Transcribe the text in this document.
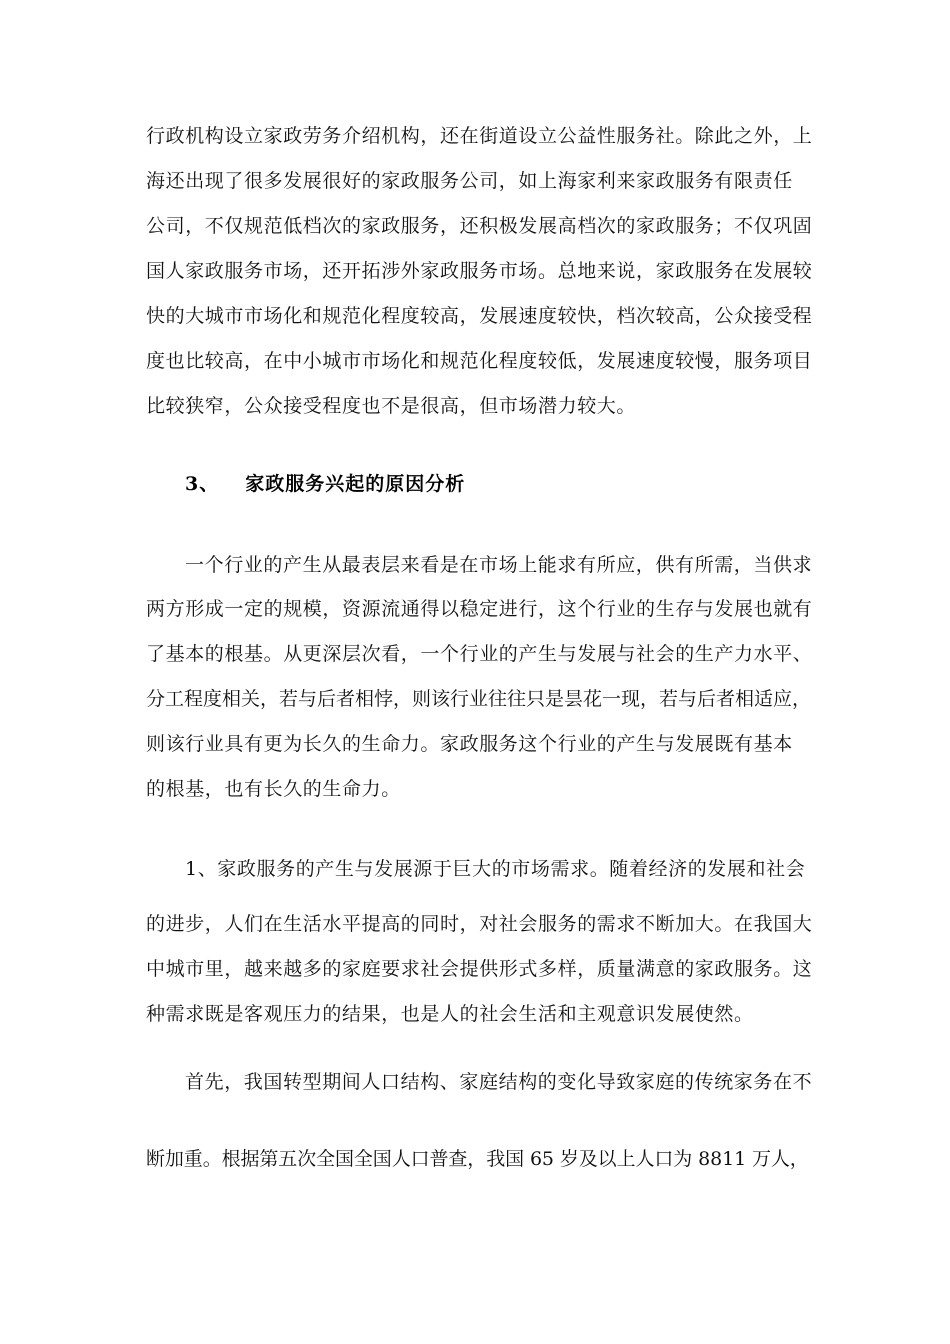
行政机构设立家政劳务介绍机构，还在街道设立公益性服务社。除此之外，上
海还出现了很多发展很好的家政服务公司，如上海家利来家政服务有限责任
公司，不仅规范低档次的家政服务，还积极发展高档次的家政服务；不仅巩固
国人家政服务市场，还开拓涉外家政服务市场。总地来说，家政服务在发展较
快的大城市市场化和规范化程度较高，发展速度较快，档次较高，公众接受程
度也比较高，在中小城市市场化和规范化程度较低，发展速度较慢，服务项目
比较狭窄，公众接受程度也不是很高，但市场潜力较大。
3、 家政服务兴起的原因分析
一个行业的产生从最表层来看是在市场上能求有所应，供有所需，当供求
两方形成一定的规模，资源流通得以稳定进行，这个行业的生存与发展也就有
了基本的根基。从更深层次看，一个行业的产生与发展与社会的生产力水平、
分工程度相关，若与后者相悖，则该行业往往只是昙花一现，若与后者相适应，
则该行业具有更为长久的生命力。家政服务这个行业的产生与发展既有基本
的根基，也有长久的生命力。
1、家政服务的产生与发展源于巨大的市场需求。随着经济的发展和社会
的进步，人们在生活水平提高的同时，对社会服务的需求不断加大。在我国大
中城市里，越来越多的家庭要求社会提供形式多样，质量满意的家政服务。这
种需求既是客观压力的结果，也是人的社会生活和主观意识发展使然。
首先，我国转型期间人口结构、家庭结构的变化导致家庭的传统家务在不
断加重。根据第五次全国全国人口普查，我国 65 岁及以上人口为 8811 万人，
